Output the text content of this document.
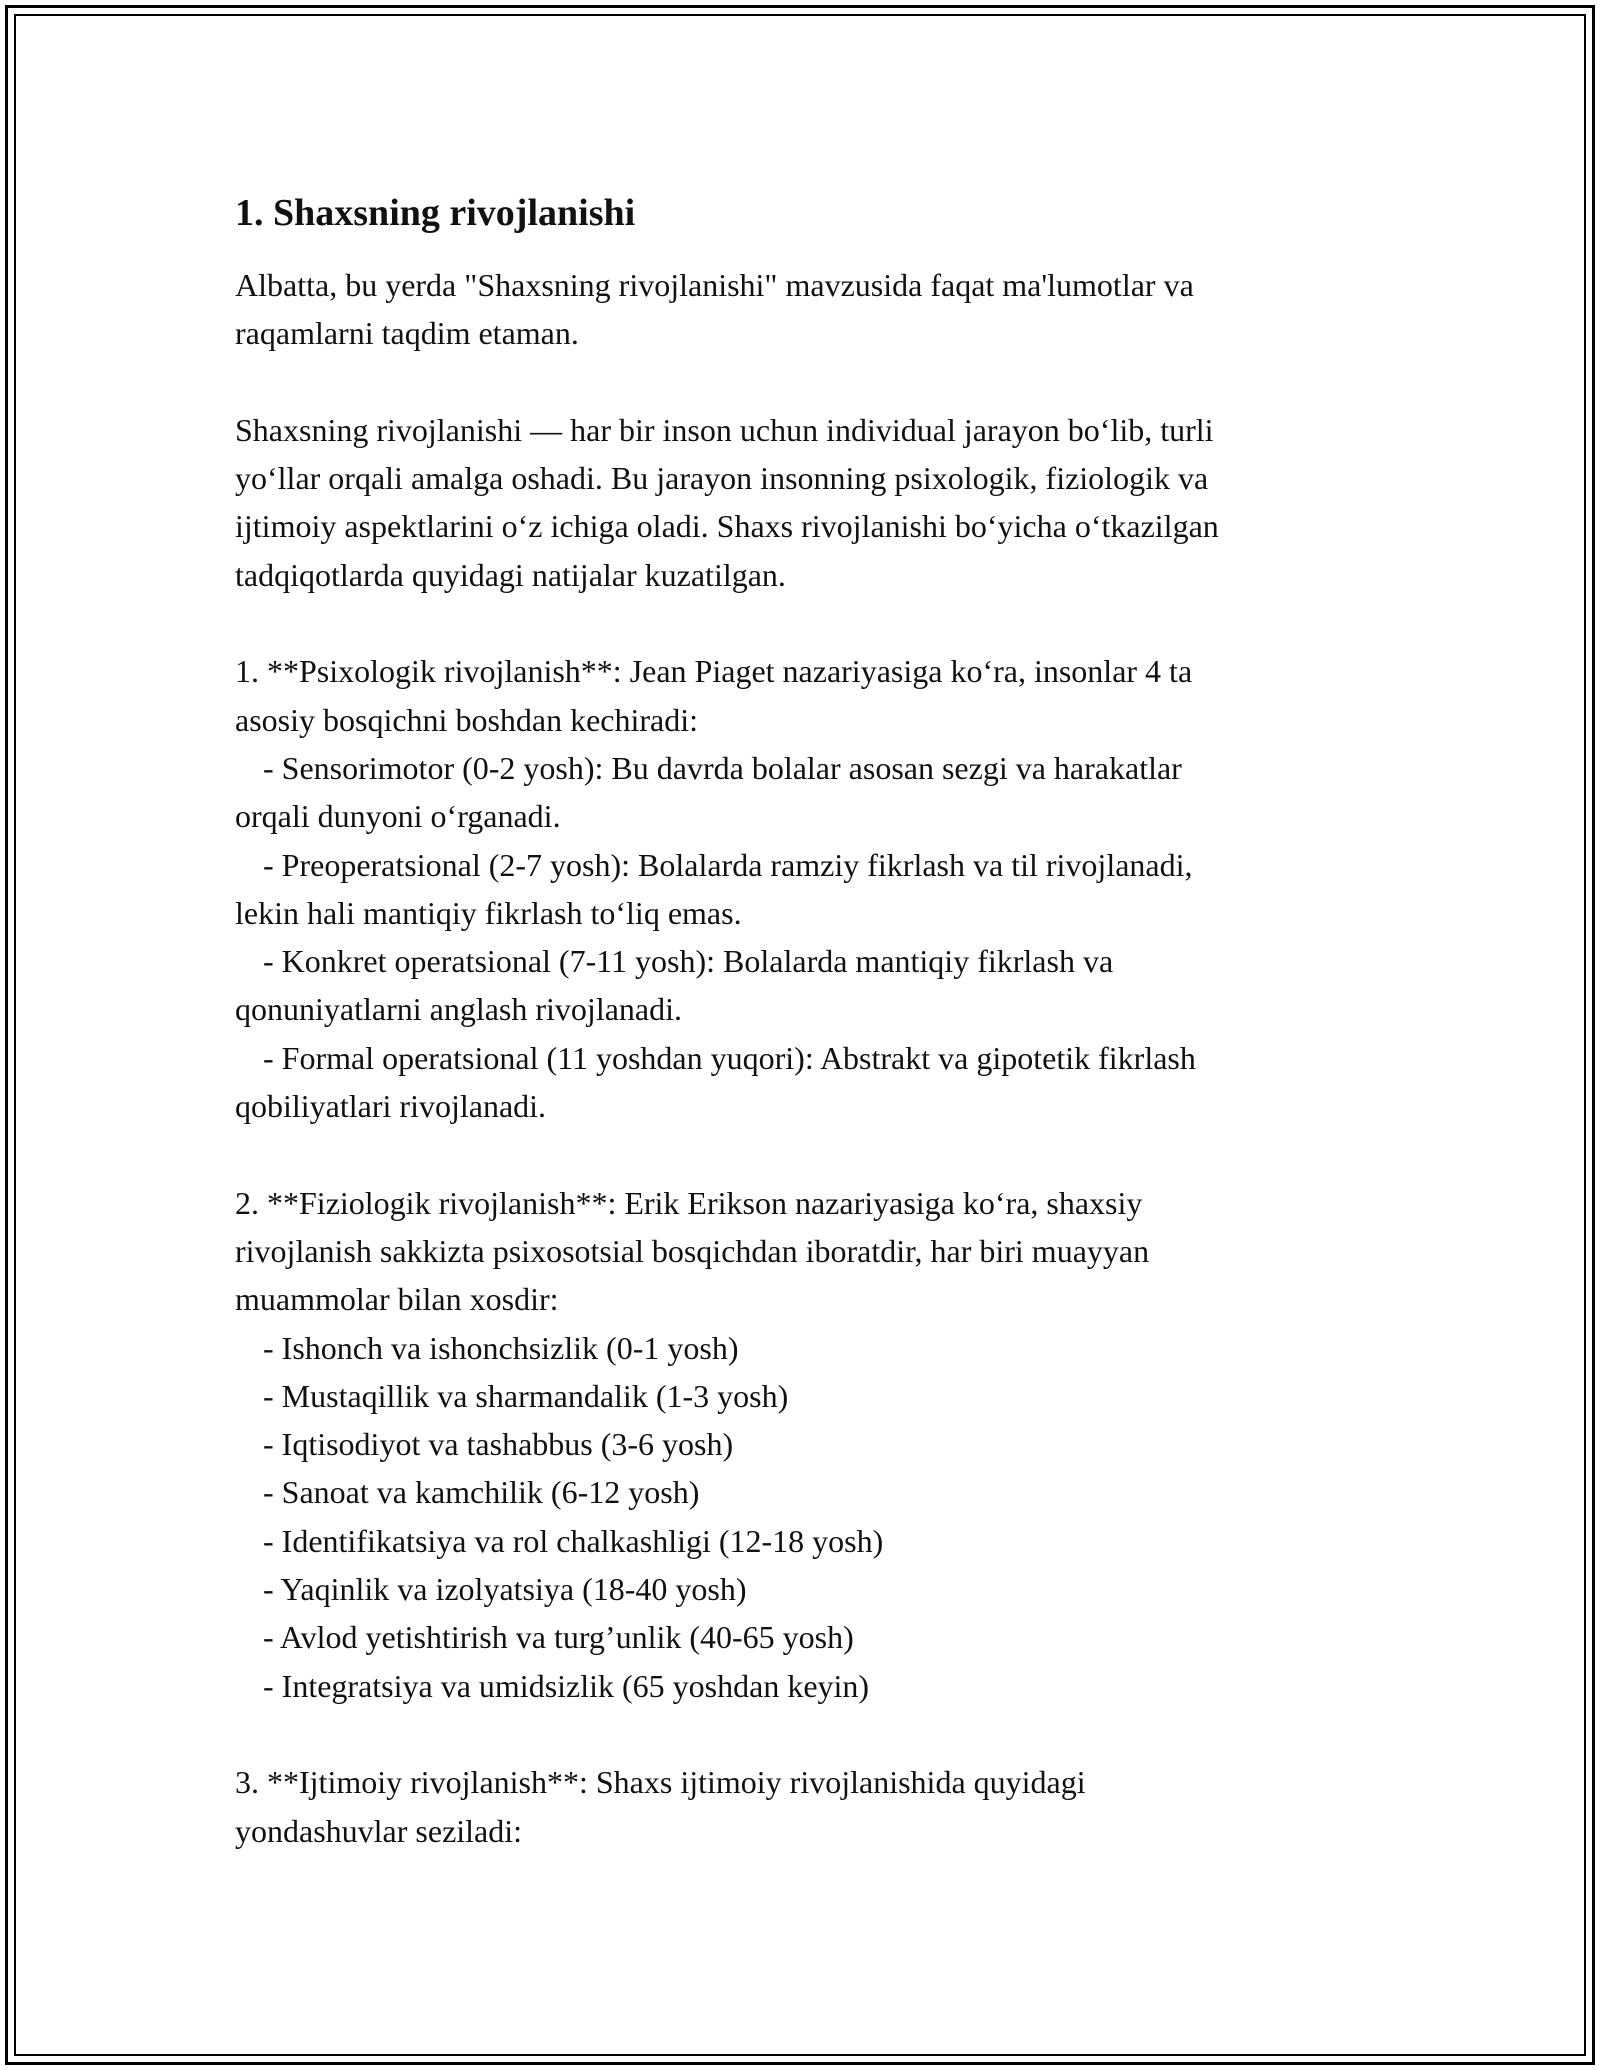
1. Shaxsning rivojlanishi
Albatta, bu yerda "Shaxsning rivojlanishi" mavzusida faqat ma'lumotlar va
raqamlarni taqdim etaman.
Shaxsning rivojlanishi — har bir inson uchun individual jarayon boʻlib, turli
yoʻllar orqali amalga oshadi. Bu jarayon insonning psixologik, fiziologik va
ijtimoiy aspektlarini oʻz ichiga oladi. Shaxs rivojlanishi boʻyicha oʻtkazilgan
tadqiqotlarda quyidagi natijalar kuzatilgan.
1. **Psixologik rivojlanish**: Jean Piaget nazariyasiga koʻra, insonlar 4 ta
asosiy bosqichni boshdan kechiradi:
- Sensorimotor (0-2 yosh): Bu davrda bolalar asosan sezgi va harakatlar
orqali dunyoni oʻrganadi.
- Preoperatsional (2-7 yosh): Bolalarda ramziy fikrlash va til rivojlanadi,
lekin hali mantiqiy fikrlash toʻliq emas.
- Konkret operatsional (7-11 yosh): Bolalarda mantiqiy fikrlash va
qonuniyatlarni anglash rivojlanadi.
- Formal operatsional (11 yoshdan yuqori): Abstrakt va gipotetik fikrlash
qobiliyatlari rivojlanadi.
2. **Fiziologik rivojlanish**: Erik Erikson nazariyasiga koʻra, shaxsiy
rivojlanish sakkizta psixosotsial bosqichdan iboratdir, har biri muayyan
muammolar bilan xosdir:
- Ishonch va ishonchsizlik (0-1 yosh)
- Mustaqillik va sharmandalik (1-3 yosh)
- Iqtisodiyot va tashabbus (3-6 yosh)
- Sanoat va kamchilik (6-12 yosh)
- Identifikatsiya va rol chalkashligi (12-18 yosh)
- Yaqinlik va izolyatsiya (18-40 yosh)
- Avlod yetishtirish va turg’unlik (40-65 yosh)
- Integratsiya va umidsizlik (65 yoshdan keyin)
3. **Ijtimoiy rivojlanish**: Shaxs ijtimoiy rivojlanishida quyidagi
yondashuvlar seziladi:
